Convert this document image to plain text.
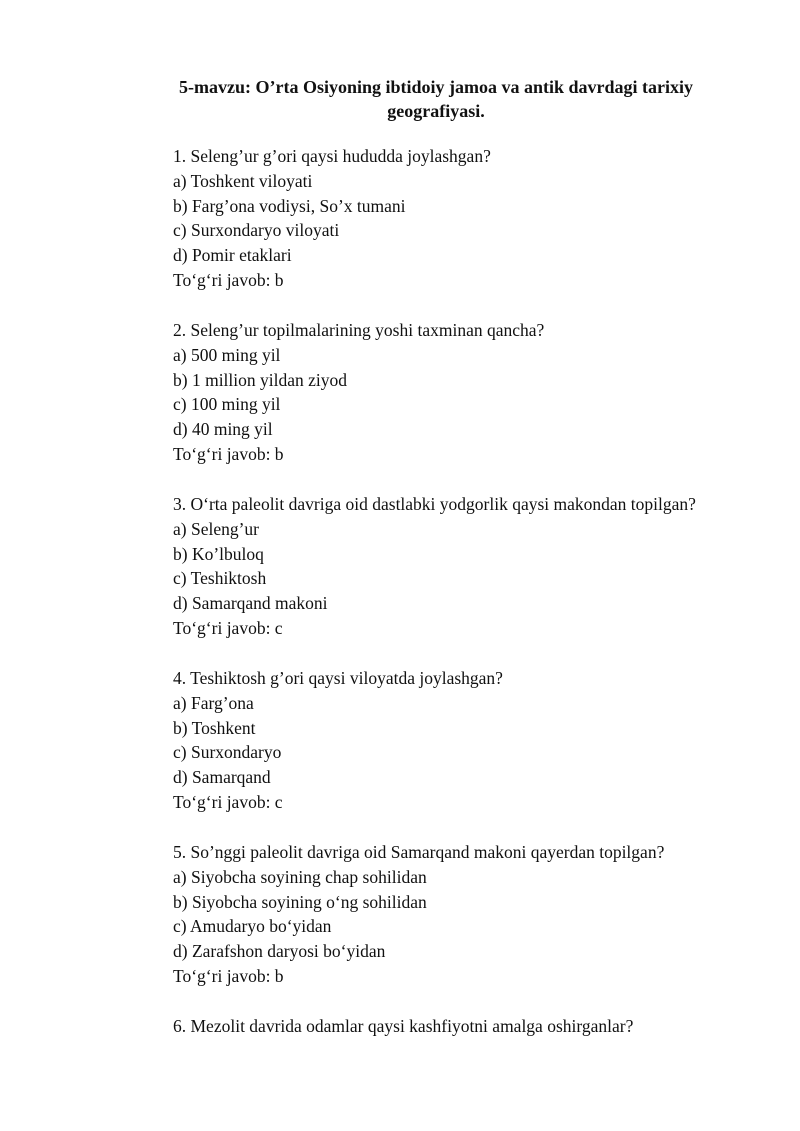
5-mavzu: O’rta Osiyoning ibtidoiy jamoa va antik davrdagi tarixiy
geografiyasi.
1. Seleng’ur g’ori qaysi hududda joylashgan?
a) Toshkent viloyati
b) Farg’ona vodiysi, So’x tumani
c) Surxondaryo viloyati
d) Pomir etaklari
To‘g‘ri javob: b
2. Seleng’ur topilmalarining yoshi taxminan qancha?
a) 500 ming yil
b) 1 million yildan ziyod
c) 100 ming yil
d) 40 ming yil
To‘g‘ri javob: b
3. O‘rta paleolit davriga oid dastlabki yodgorlik qaysi makondan topilgan?
a) Seleng’ur
b) Ko’lbuloq
c) Teshiktosh
d) Samarqand makoni
To‘g‘ri javob: c
4. Teshiktosh g’ori qaysi viloyatda joylashgan?
a) Farg’ona
b) Toshkent
c) Surxondaryo
d) Samarqand
To‘g‘ri javob: c
5. So’nggi paleolit davriga oid Samarqand makoni qayerdan topilgan?
a) Siyobcha soyining chap sohilidan
b) Siyobcha soyining o‘ng sohilidan
c) Amudaryo bo‘yidan
d) Zarafshon daryosi bo‘yidan
To‘g‘ri javob: b
6. Mezolit davrida odamlar qaysi kashfiyotni amalga oshirganlar?
